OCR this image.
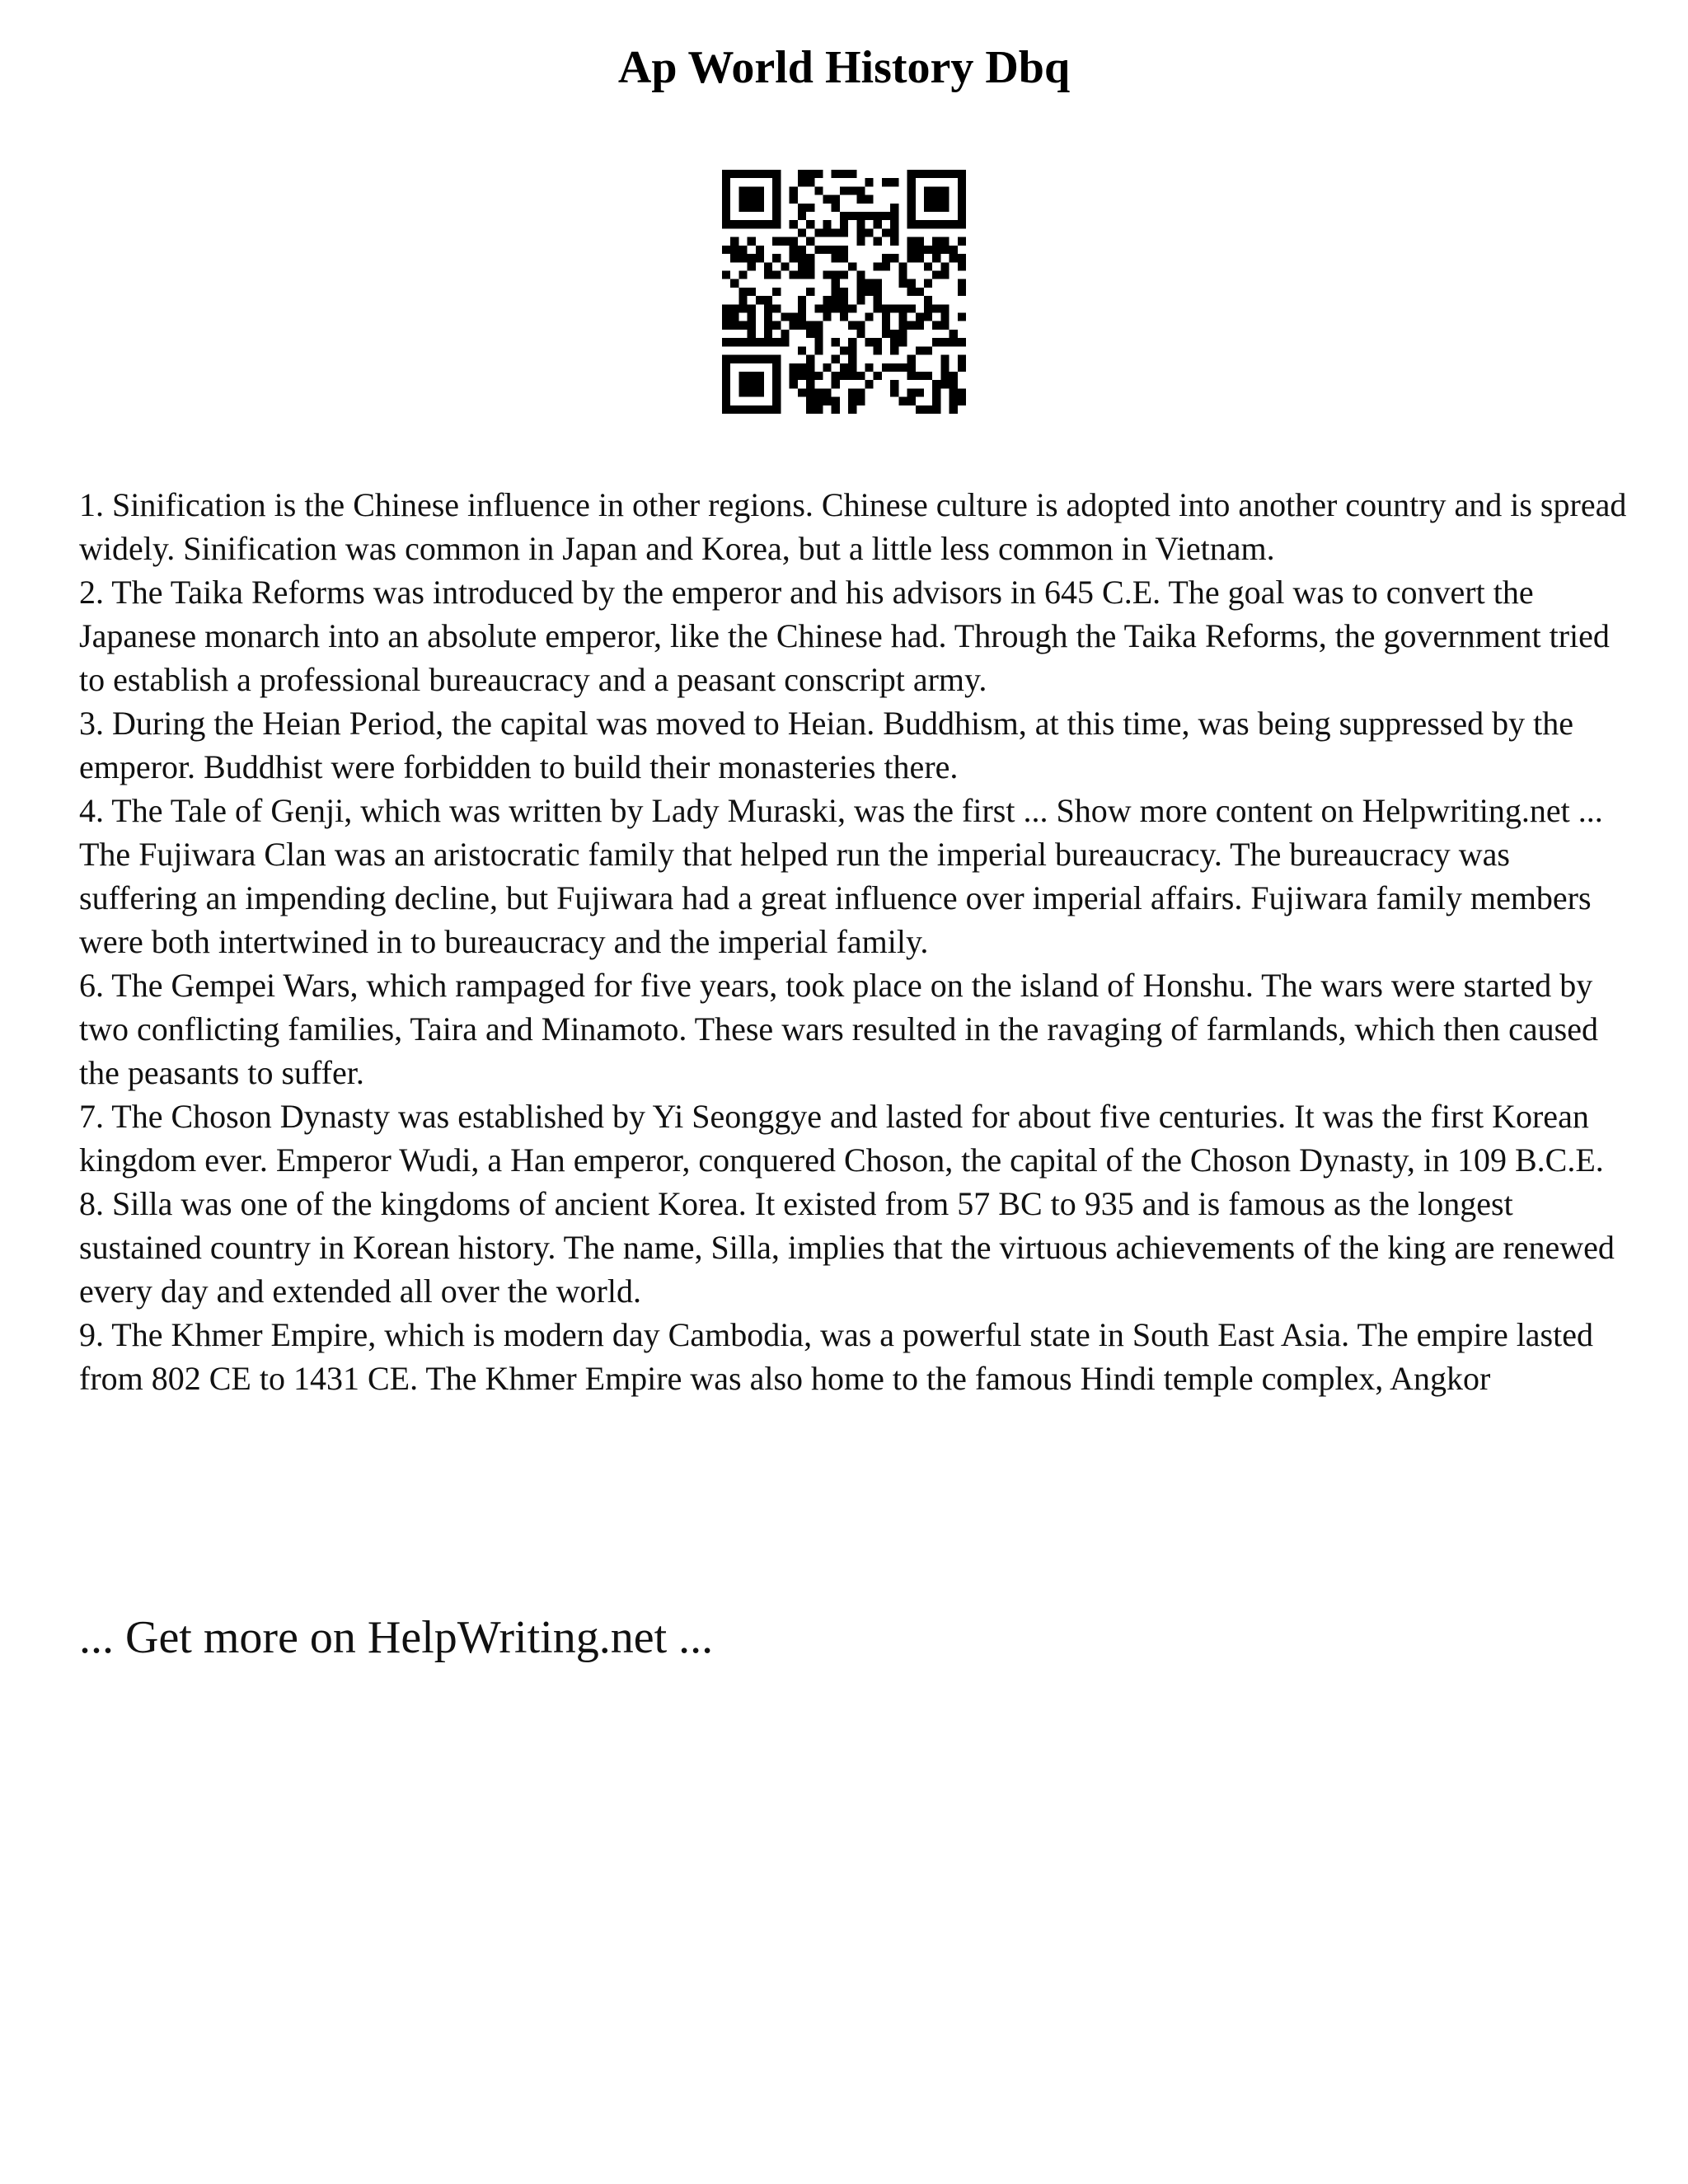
Ap World History Dbq

1. Sinification is the Chinese influence in other regions. Chinese culture is adopted into another country and is spread widely. Sinification was common in Japan and Korea, but a little less common in Vietnam.

2. The Taika Reforms was introduced by the emperor and his advisors in 645 C.E. The goal was to convert the Japanese monarch into an absolute emperor, like the Chinese had. Through the Taika Reforms, the government tried to establish a professional bureaucracy and a peasant conscript army.

3. During the Heian Period, the capital was moved to Heian. Buddhism, at this time, was being suppressed by the emperor. Buddhist were forbidden to build their monasteries there.

4. The Tale of Genji, which was written by Lady Muraski, was the first ... Show more content on Helpwriting.net ...

The Fujiwara Clan was an aristocratic family that helped run the imperial bureaucracy. The bureaucracy was suffering an impending decline, but Fujiwara had a great influence over imperial affairs. Fujiwara family members were both intertwined in to bureaucracy and the imperial family.

6. The Gempei Wars, which rampaged for five years, took place on the island of Honshu. The wars were started by two conflicting families, Taira and Minamoto. These wars resulted in the ravaging of farmlands, which then caused the peasants to suffer.

7. The Choson Dynasty was established by Yi Seonggye and lasted for about five centuries. It was the first Korean kingdom ever. Emperor Wudi, a Han emperor, conquered Choson, the capital of the Choson Dynasty, in 109 B.C.E.

8. Silla was one of the kingdoms of ancient Korea. It existed from 57 BC to 935 and is famous as the longest sustained country in Korean history. The name, Silla, implies that the virtuous achievements of the king are renewed every day and extended all over the world.

9. The Khmer Empire, which is modern day Cambodia, was a powerful state in South East Asia. The empire lasted from 802 CE to 1431 CE. The Khmer Empire was also home to the famous Hindi temple complex, Angkor

... Get more on HelpWriting.net ...
